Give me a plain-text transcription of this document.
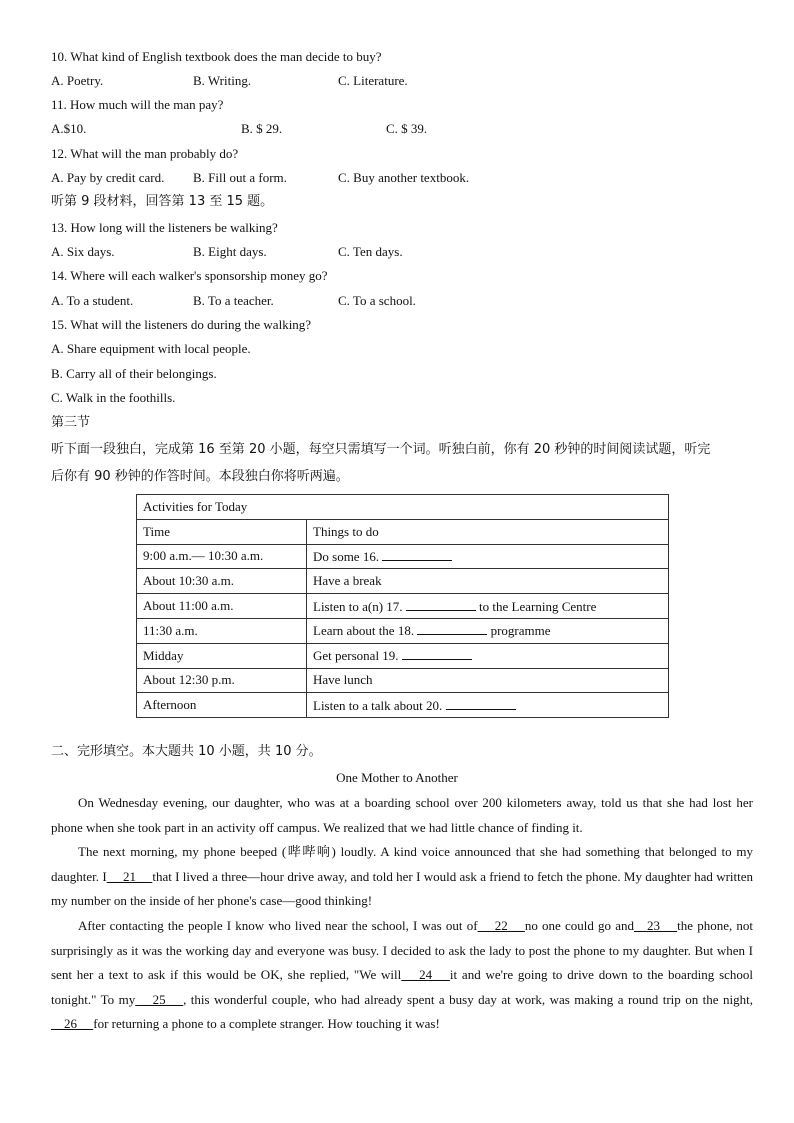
10. What kind of English textbook does the man decide to buy?
A. Poetry.	B. Writing.	C. Literature.
11. How much will the man pay?
A.$10.	B. $ 29.	C. $ 39.
12. What will the man probably do?
A. Pay by credit card. B. Fill out a form.	C. Buy another textbook.
听第 9 段材料，回答第 13 至 15 题。
13. How long will the listeners be walking?
A. Six days.	B. Eight days.	C. Ten days.
14. Where will each walker's sponsorship money go?
A. To a student.	B. To a teacher.	C. To a school.
15. What will the listeners do during the walking?
A. Share equipment with local people.
B. Carry all of their belongings.
C. Walk in the foothills.
第三节
听下面一段独白，完成第 16 至第 20 小题，每空只需填写一个词。听独白前，你有 20 秒钟的时间阅读试题，听完
后你有 90 秒钟的作答时间。本段独白你将听两遍。
Activities for Today	
Time	Things to do
9:00 a.m.— 10:30 a.m.	Do some 16.
About 10:30 a.m.	Have a break
About 11:00 a.m.	Listen to a(n) 17. to the Learning Centre
11:30 a.m.	Learn about the 18. programme
Midday	Get personal 19.
About 12:30 p.m.	Have lunch
Afternoon	Listen to a talk about 20.
二、完形填空。本大题共 10 小题，共 10 分。
One Mother to Another
On Wednesday evening, our daughter, who was at a boarding school over 200 kilometers away, told us that she had lost her phone when she took part in an activity off campus. We realized that we had little chance of finding it.
The next morning, my phone beeped (哔哔响) loudly. A kind voice announced that she had something that belonged to my daughter. I __21__ that I lived a three—hour drive away, and told her I would ask a friend to fetch the phone. My daughter had written my number on the inside of her phone's case—good thinking!
After contacting the people I know who lived near the school, I was out of __22__ no one could go and__23__ the phone, not surprisingly as it was the working day and everyone was busy. I decided to ask the lady to post the phone to my daughter. But when I sent her a text to ask if this would be OK, she replied, "We will __24__ it and we're going to drive down to the boarding school tonight." To my __25__ , this wonderful couple, who had already spent a busy day at work, was making a round trip on the night, __26__ for returning a phone to a complete stranger. How touching it was!
